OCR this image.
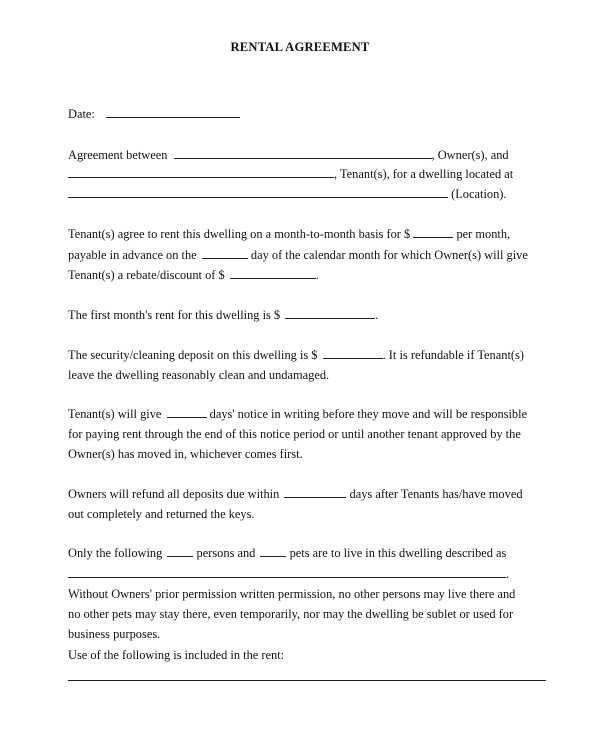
RENTAL AGREEMENT
Date:
Agreement between	, Owner(s), and
, Tenant(s), for a dwelling located at
(Location).
Tenant(s) agree to rent this dwelling on a month-to-month basis for $	per month,
payable in advance on the	day of the calendar month for which Owner(s) will give
Tenant(s) a rebate/discount of $	.
The first month's rent for this dwelling is $	.
The security/cleaning deposit on this dwelling is $	. It is refundable if Tenant(s)
leave the dwelling reasonably clean and undamaged.
Tenant(s) will give	days' notice in writing before they move and will be responsible
for paying rent through the end of this notice period or until another tenant approved by the
Owner(s) has moved in, whichever comes first.
Owners will refund all deposits due within	days after Tenants has/have moved
out completely and returned the keys.
Only the following	persons and	pets are to live in this dwelling described as
.
Without Owners' prior permission written permission, no other persons may live there and
no other pets may stay there, even temporarily, nor may the dwelling be sublet or used for
business purposes.
Use of the following is included in the rent:
